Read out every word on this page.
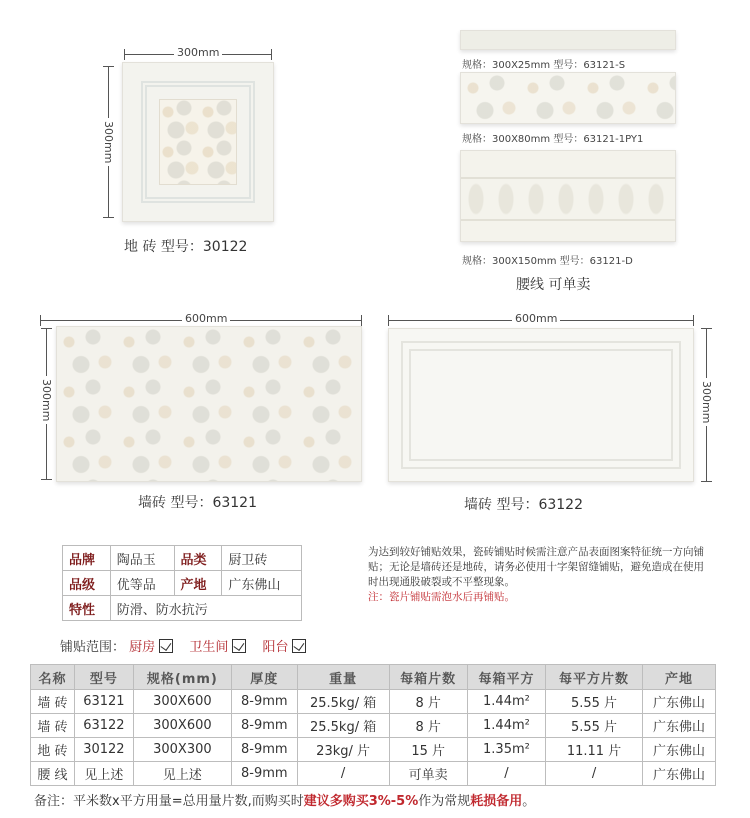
300mm
300mm
地 砖 型号：30122
规格：300X25mm 型号：63121-S
规格：300X80mm 型号：63121-1PY1
规格：300X150mm 型号：63121-D
腰线 可单卖
600mm
300mm
墙砖 型号：63121
600mm
300mm
墙砖 型号：63122
品牌	陶品玉	品类	厨卫砖
品级	优等品	产地	广东佛山
特性	防滑、防水抗污		
为达到较好铺贴效果，瓷砖铺贴时候需注意产品表面图案特征统一方向铺贴；无论是墙砖还是地砖，请务必使用十字架留缝铺贴，避免造成在使用时出现通股破裂或不平整现象。
注：瓷片铺贴需泡水后再铺贴。
铺贴范围： 厨房	卫生间	阳台
名称	型号	规格(mm)	厚度	重量	每箱片数	每箱平方	每平方片数	产地
墙 砖	63121	300X600	8-9mm	25.5kg/ 箱	8 片	1.44m²	5.55 片	广东佛山
墙 砖	63122	300X600	8-9mm	25.5kg/ 箱	8 片	1.44m²	5.55 片	广东佛山
地 砖	30122	300X300	8-9mm	23kg/ 片	15 片	1.35m²	11.11 片	广东佛山
腰 线	见上述	见上述	8-9mm	/	可单卖	/	/	广东佛山
备注：平米数x平方用量=总用量片数,而购买时建议多购买3%-5%作为常规耗损备用。
